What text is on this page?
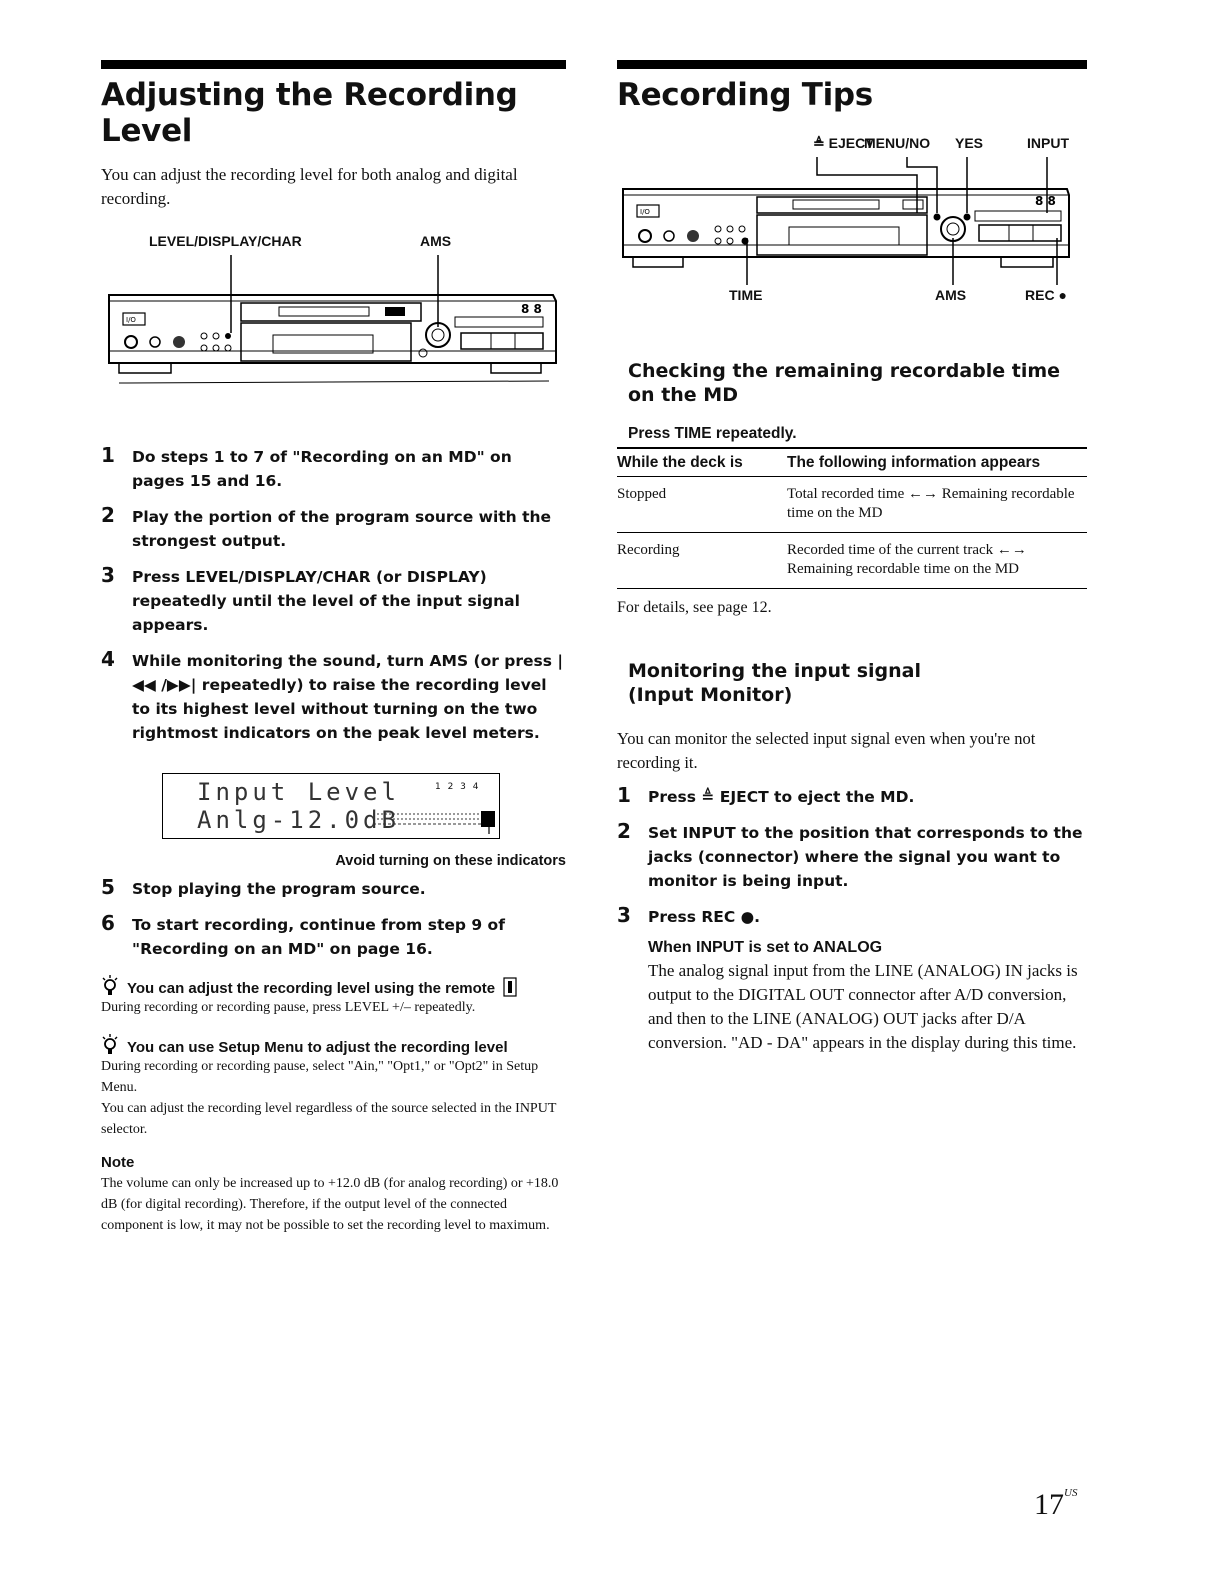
Adjusting the Recording Level

You can adjust the recording level for both analog and digital recording.

LEVEL/DISPLAY/CHAR	AMS
I/O
8 8
1 Do steps 1 to 7 of "Recording on an MD" on pages 15 and 16.
2 Play the portion of the program source with the strongest output.
3 Press LEVEL/DISPLAY/CHAR (or DISPLAY) repeatedly until the level of the input signal appears.
4 While monitoring the sound, turn AMS (or press |◀◀ /▶▶| repeatedly) to raise the recording level to its highest level without turning on the two rightmost indicators on the peak level meters.
Input Level	1 2 3 4
Anlg-12.0dB
Avoid turning on these indicators
5 Stop playing the program source.
6 To start recording, continue from step 9 of "Recording on an MD" on page 16.
You can adjust the recording level using the remote

During recording or recording pause, press LEVEL +/– repeatedly.

You can use Setup Menu to adjust the recording level

During recording or recording pause, select "Ain," "Opt1," or "Opt2" in Setup Menu.

You can adjust the recording level regardless of the source selected in the INPUT selector.

Note

The volume can only be increased up to +12.0 dB (for analog recording) or +18.0 dB (for digital recording). Therefore, if the output level of the connected component is low, it may not be possible to set the recording level to maximum.

Recording Tips
≜ EJECT
MENU/NO YES	INPUT
I/O
8 8
TIME	AMS	REC ●
Checking the remaining recordable time on the MD
Press TIME repeatedly.
While the deck is	The following information appears
Stopped	Total recorded time ←→ Remaining recordable time on the MD
Recording	Recorded time of the current track ←→ Remaining recordable time on the MD

For details, see page 12.

Monitoring the input signal
(Input Monitor)

You can monitor the selected input signal even when you're not recording it.

1 Press ≜ EJECT to eject the MD.
2 Set INPUT to the position that corresponds to the jacks (connector) where the signal you want to monitor is being input.
3 Press REC ●.
When INPUT is set to ANALOG

The analog signal input from the LINE (ANALOG) IN jacks is output to the DIGITAL OUT connector after A/D conversion, and then to the LINE (ANALOG) OUT jacks after D/A conversion. "AD - DA" appears in the display during this time.

$17^{US}$
